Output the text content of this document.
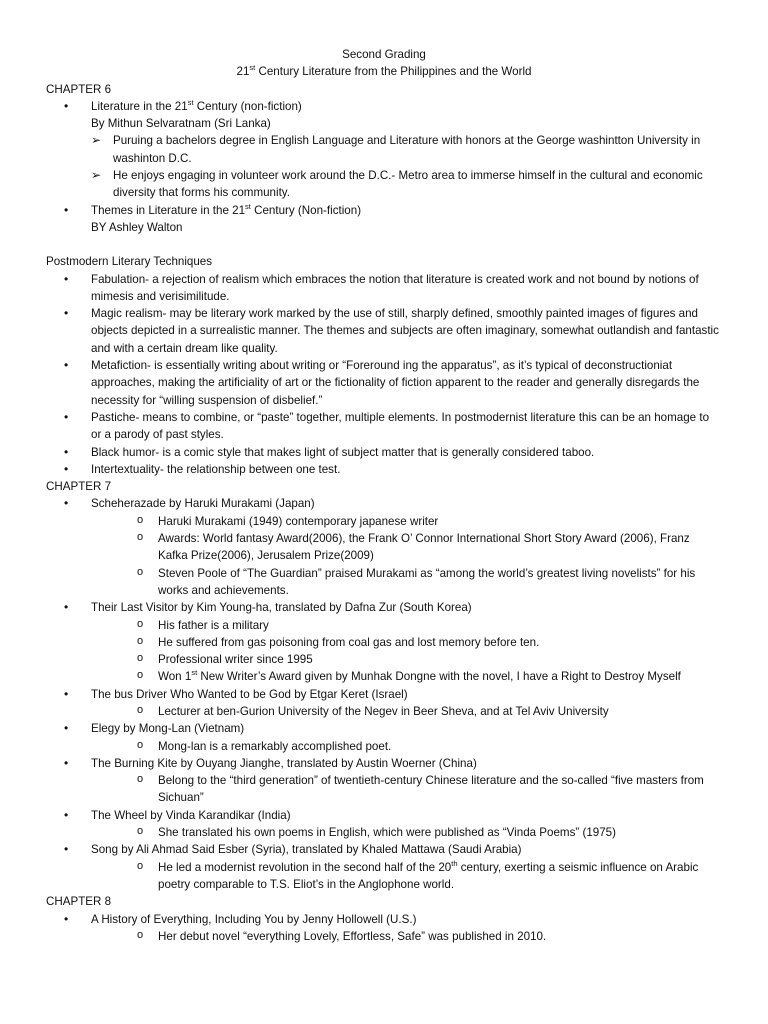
Second Grading
21st Century Literature from the Philippines and the World
CHAPTER 6
• Literature in the 21st Century (non-fiction)
By Mithun Selvaratnam (Sri Lanka)
➢ Puruing a bachelors degree in English Language and Literature with honors at the George washintton University in washinton D.C.
➢ He enjoys engaging in volunteer work around the D.C.- Metro area to immerse himself in the cultural and economic diversity that forms his community.
• Themes in Literature in the 21st Century (Non-fiction)
BY Ashley Walton
Postmodern Literary Techniques
• Fabulation- a rejection of realism which embraces the notion that literature is created work and not bound by notions of mimesis and verisimilitude.
• Magic realism- may be literary work marked by the use of still, sharply defined, smoothly painted images of figures and objects depicted in a surrealistic manner. The themes and subjects are often imaginary, somewhat outlandish and fantastic and with a certain dream like quality.
• Metafiction- is essentially writing about writing or “Foreround ing the apparatus”, as it’s typical of deconstructioniat approaches, making the artificiality of art or the fictionality of fiction apparent to the reader and generally disregards the necessity for “willing suspension of disbelief.”
• Pastiche- means to combine, or “paste” together, multiple elements. In postmodernist literature this can be an homage to or a parody of past styles.
• Black humor- is a comic style that makes light of subject matter that is generally considered taboo.
• Intertextuality- the relationship between one test.
CHAPTER 7
• Scheherazade by Haruki Murakami (Japan)
o Haruki Murakami (1949) contemporary japanese writer
o Awards: World fantasy Award(2006), the Frank O’ Connor International Short Story Award (2006), Franz Kafka Prize(2006), Jerusalem Prize(2009)
o Steven Poole of “The Guardian” praised Murakami as “among the world’s greatest living novelists” for his works and achievements.
• Their Last Visitor by Kim Young-ha, translated by Dafna Zur (South Korea)
o His father is a military
o He suffered from gas poisoning from coal gas and lost memory before ten.
o Professional writer since 1995
o Won 1st New Writer’s Award given by Munhak Dongne with the novel, I have a Right to Destroy Myself
• The bus Driver Who Wanted to be God by Etgar Keret (Israel)
o Lecturer at ben-Gurion University of the Negev in Beer Sheva, and at Tel Aviv University
• Elegy by Mong-Lan (Vietnam)
o Mong-lan is a remarkably accomplished poet.
• The Burning Kite by Ouyang Jianghe, translated by Austin Woerner (China)
o Belong to the “third generation” of twentieth-century Chinese literature and the so-called “five masters from Sichuan”
• The Wheel by Vinda Karandikar (India)
o She translated his own poems in English, which were published as “Vinda Poems” (1975)
• Song by Ali Ahmad Said Esber (Syria), translated by Khaled Mattawa (Saudi Arabia)
o He led a modernist revolution in the second half of the 20th century, exerting a seismic influence on Arabic poetry comparable to T.S. Eliot’s in the Anglophone world.
CHAPTER 8
• A History of Everything, Including You by Jenny Hollowell (U.S.)
o Her debut novel “everything Lovely, Effortless, Safe” was published in 2010.
